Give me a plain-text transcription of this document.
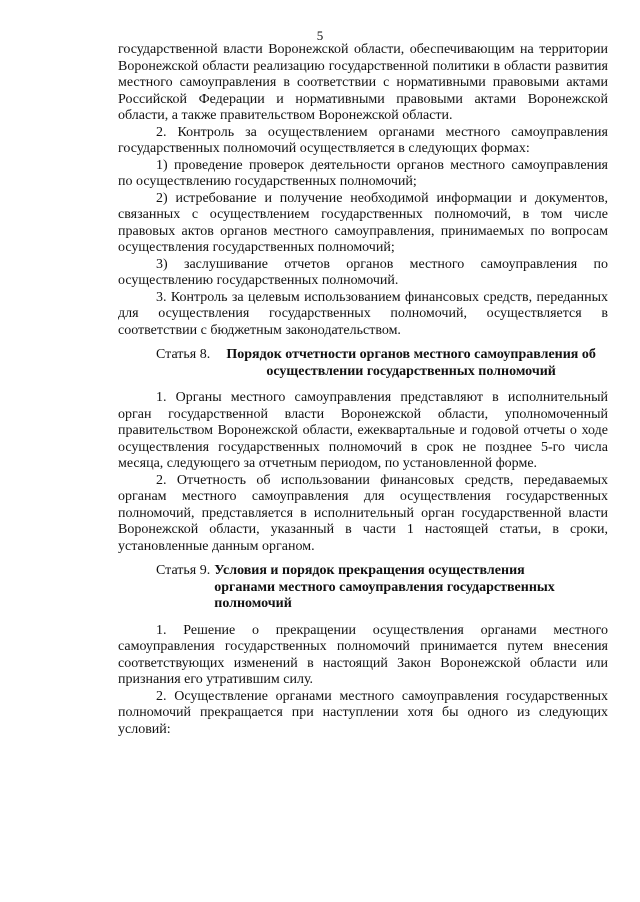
5

государственной власти Воронежской области, обеспечивающим на территории Воронежской области реализацию государственной политики в области развития местного самоуправления в соответствии с нормативными правовыми актами Российской Федерации и нормативными правовыми актами Воронежской области, а также правительством Воронежской области.

2. Контроль за осуществлением органами местного самоуправления государственных полномочий осуществляется в следующих формах:

1) проведение проверок деятельности органов местного самоуправления по осуществлению государственных полномочий;

2) истребование и получение необходимой информации и документов, связанных с осуществлением государственных полномочий, в том числе правовых актов органов местного самоуправления, принимаемых по вопросам осуществления государственных полномочий;

3) заслушивание отчетов органов местного самоуправления по осуществлению государственных полномочий.

3. Контроль за целевым использованием финансовых средств, переданных для осуществления государственных полномочий, осуществляется в соответствии с бюджетным законодательством.

Статья 8.	Порядок отчетности органов местного самоуправления об осуществлении государственных полномочий

1. Органы местного самоуправления представляют в исполнительный орган государственной власти Воронежской области, уполномоченный правительством Воронежской области, ежеквартальные и годовой отчеты о ходе осуществления государственных полномочий в срок не позднее 5-го числа месяца, следующего за отчетным периодом, по установленной форме.

2. Отчетность об использовании финансовых средств, передаваемых органам местного самоуправления для осуществления государственных полномочий, представляется в исполнительный орган государственной власти Воронежской области, указанный в части 1 настоящей статьи, в сроки, установленные данным органом.

Статья 9. Условия и порядок прекращения осуществления
органами местного самоуправления государственных
полномочий

1. Решение о прекращении осуществления органами местного самоуправления государственных полномочий принимается путем внесения соответствующих изменений в настоящий Закон Воронежской области или признания его утратившим силу.

2. Осуществление органами местного самоуправления государственных полномочий прекращается при наступлении хотя бы одного из следующих условий:
